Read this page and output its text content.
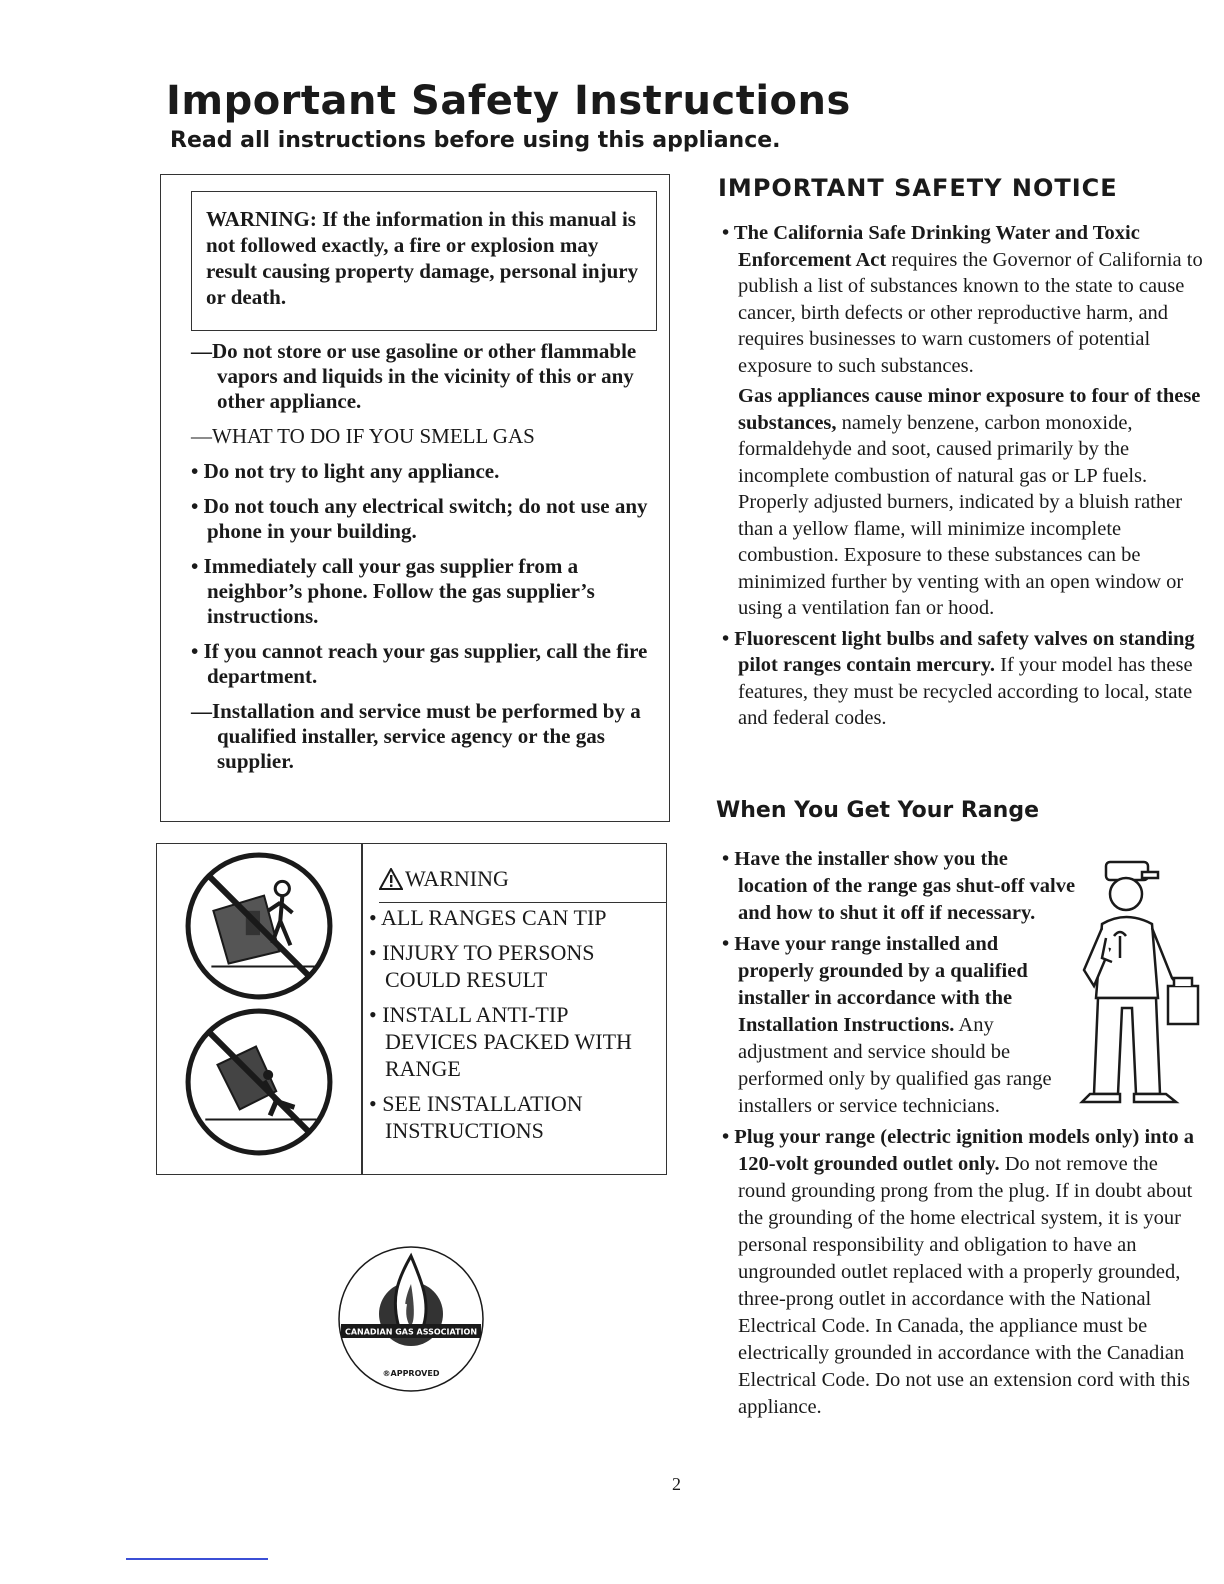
Important Safety Instructions
Read all instructions before using this appliance.
WARNING: If the information in this manual is not followed exactly, a fire or explosion may result causing property damage, personal injury or death.

—Do not store or use gasoline or other flammable vapors and liquids in the vicinity of this or any other appliance.

—WHAT TO DO IF YOU SMELL GAS

• Do not try to light any appliance.

• Do not touch any electrical switch; do not use any phone in your building.

• Immediately call your gas supplier from a neighbor’s phone. Follow the gas supplier’s instructions.

• If you cannot reach your gas supplier, call the fire department.

—Installation and service must be performed by a qualified installer, service agency or the gas supplier.

WARNING
• ALL RANGES CAN TIP
• INJURY TO PERSONS COULD RESULT
• INSTALL ANTI-TIP DEVICES PACKED WITH RANGE
• SEE INSTALLATION INSTRUCTIONS
CANADIAN GAS ASSOCIATION
®APPROVED
IMPORTANT SAFETY NOTICE

• The California Safe Drinking Water and Toxic Enforcement Act requires the Governor of California to publish a list of substances known to the state to cause cancer, birth defects or other reproductive harm, and requires businesses to warn customers of potential exposure to such substances.

Gas appliances cause minor exposure to four of these substances, namely benzene, carbon monoxide, formaldehyde and soot, caused primarily by the incomplete combustion of natural gas or LP fuels. Properly adjusted burners, indicated by a bluish rather than a yellow flame, will minimize incomplete combustion. Exposure to these substances can be minimized further by venting with an open window or using a ventilation fan or hood.

• Fluorescent light bulbs and safety valves on standing pilot ranges contain mercury. If your model has these features, they must be recycled according to local, state and federal codes.

When You Get Your Range

• Have the installer show you the location of the range gas shut-off valve and how to shut it off if necessary.

• Have your range installed and properly grounded by a qualified installer in accordance with the Installation Instructions. Any adjustment and service should be performed only by qualified gas range installers or service technicians.

• Plug your range (electric ignition models only) into a 120-volt grounded outlet only. Do not remove the round grounding prong from the plug. If in doubt about the grounding of the home electrical system, it is your personal responsibility and obligation to have an ungrounded outlet replaced with a properly grounded, three-prong outlet in accordance with the National Electrical Code. In Canada, the appliance must be electrically grounded in accordance with the Canadian Electrical Code. Do not use an extension cord with this appliance.

2
